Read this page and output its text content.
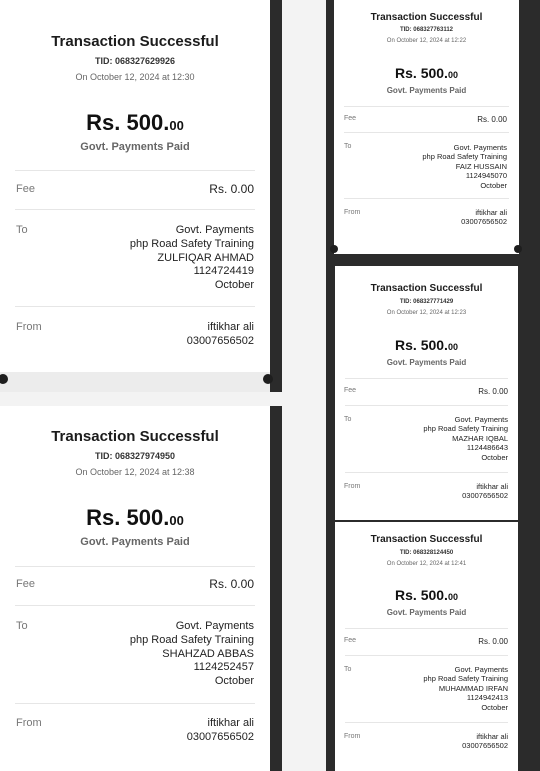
Transaction Successful
TID: 068327629926
On October 12, 2024 at 12:30
Rs. 500.00
Govt. Payments Paid
Fee	Rs. 0.00
To	Govt. Payments
php Road Safety Training
ZULFIQAR AHMAD
1124724419
October
From	iftikhar ali
03007656502
Transaction Successful
TID: 068327974950
On October 12, 2024 at 12:38
Rs. 500.00
Govt. Payments Paid
Fee	Rs. 0.00
To	Govt. Payments
php Road Safety Training
SHAHZAD ABBAS
1124252457
October
From	iftikhar ali
03007656502
Transaction Successful
TID: 068327763112
On October 12, 2024 at 12:22
Rs. 500.00
Govt. Payments Paid
Fee	Rs. 0.00
To	Govt. Payments
php Road Safety Training
FAIZ HUSSAIN
1124945070
October
From	iftikhar ali
03007656502
Transaction Successful
TID: 068327771429
On October 12, 2024 at 12:23
Rs. 500.00
Govt. Payments Paid
Fee	Rs. 0.00
To	Govt. Payments
php Road Safety Training
MAZHAR IQBAL
1124486643
October
From	iftikhar ali
03007656502
Transaction Successful
TID: 068328124450
On October 12, 2024 at 12:41
Rs. 500.00
Govt. Payments Paid
Fee	Rs. 0.00
To	Govt. Payments
php Road Safety Training
MUHAMMAD IRFAN
1124942413
October
From	iftikhar ali
03007656502
